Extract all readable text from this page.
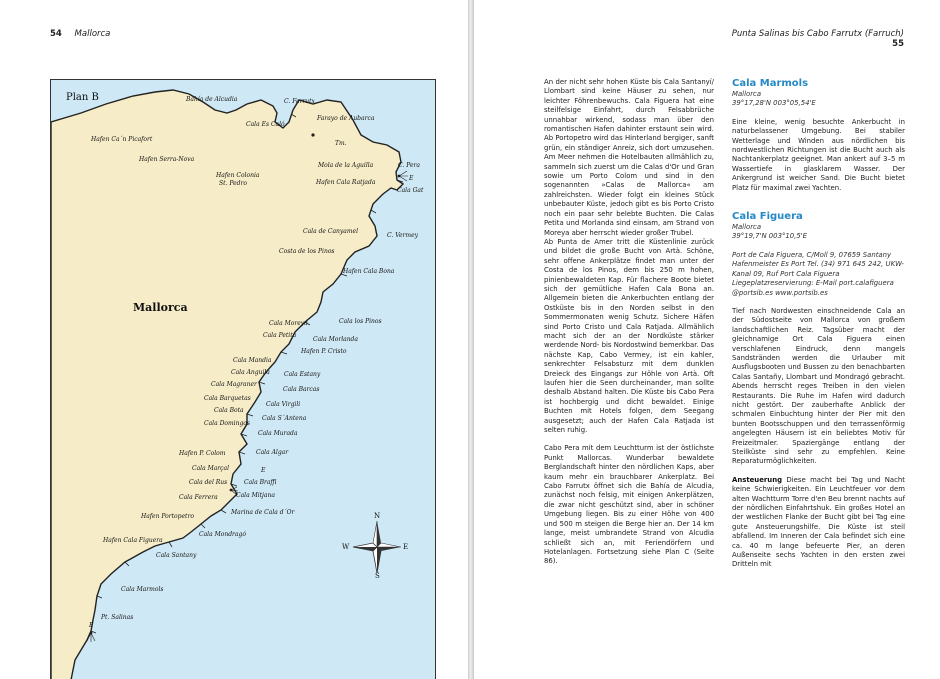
54 Mallorca
Plan B
Mallorca
N
S
W	E
Bahía de Alcudia	C. Farrutx
Farayo de Aubarca
Cala Es Caló
Hafen Ca´n Picafort
Hafen Serra-Nova
Tm.
Mola de la Aguilla	C. Pera
Hafen Colonia
St. Pedro	Hafen Cala Ratjada
E
Cala Gat
Cala de Canyamel
C. Vermey
Costa de los Pinos
Hafen Cala Bona
Cala Moreya	Cala los Pinos
Cala Petita
Cala Morlanda
Hafen P. Cristo
Cala Mandia
Cala Anguila Cala Estany
Cala Magraner
Cala Barcas
Cala Barquetas
Cala Virgili
Cala Bota
Cala S´Antena
Cala Domingos
Cala Murada
Hafen P. Colom	Cala Algar
Cala Marçal	E
Cala del Rus	Cala Braffi
Cala Ferrera	Cala Mitjana
Hafen Portopetro
Marina de Cala d´Or
Cala Mondragó
Hafen Cala Figuera
Cala Santany
Cala Marmols
Pt. Salinas
E
Punta Salinas bis Cabo Farrutx (Farruch) 55

An der nicht sehr hohen Küste bis Cala Santanyí/ Llombart sind keine Häuser zu sehen, nur leichter Föhrenbewuchs. Cala Figuera hat eine steilfelsige Einfahrt, durch Felsabbrüche unnahbar wirkend, sodass man über den romantischen Hafen dahinter erstaunt sein wird. Ab Portopetro wird das Hinterland bergiger, sanft grün, ein ständiger Anreiz, sich dort umzusehen. Am Meer nehmen die Hotelbauten allmählich zu, sammeln sich zuerst um die Calas d'Or und Gran sowie um Porto Colom und sind in den sogenannten »Calas de Mallorca« am zahlreichsten. Wieder folgt ein kleines Stück unbebauter Küste, jedoch gibt es bis Porto Cristo noch ein paar sehr belebte Buchten. Die Calas Petita und Morlanda sind einsam, am Strand von Moreya aber herrscht wieder großer Trubel.

Ab Punta de Amer tritt die Küstenlinie zurück und bildet die große Bucht von Artà. Schöne, sehr offene Ankerplätze findet man unter der Costa de los Pinos, dem bis 250 m hohen, pinienbewaldeten Kap. Für flachere Boote bietet sich der gemütliche Hafen Cala Bona an. Allgemein bieten die Ankerbuchten entlang der Ostküste bis in den Norden selbst in den Sommermonaten wenig Schutz. Sichere Häfen sind Porto Cristo und Cala Ratjada. Allmählich macht sich der an der Nordküste stärker werdende Nord- bis Nordostwind bemerkbar. Das nächste Kap, Cabo Vermey, ist ein kahler, senkrechter Felsabsturz mit dem dunklen Dreieck des Eingangs zur Höhle von Artà. Oft laufen hier die Seen durcheinander, man sollte deshalb Abstand halten. Die Küste bis Cabo Pera ist hochbergig und dicht bewaldet. Einige Buchten mit Hotels folgen, dem Seegang ausgesetzt; auch der Hafen Cala Ratjada ist selten ruhig.

Cabo Pera mit dem Leuchtturm ist der östlichste Punkt Mallorcas. Wunderbar bewaldete Berglandschaft hinter den nördlichen Kaps, aber kaum mehr ein brauchbarer Ankerplatz. Bei Cabo Farrutx öffnet sich die Bahía de Alcudia, zunächst noch felsig, mit einigen Ankerplätzen, die zwar nicht geschützt sind, aber in schöner Umgebung liegen. Bis zu einer Höhe von 400 und 500 m steigen die Berge hier an. Der 14 km lange, meist umbrandete Strand von Alcudia schließt sich an, mit Feriendörfern und Hotelanlagen. Fortsetzung siehe Plan C (Seite 86).

Cala Marmols

Mallorca

39°17,28'N 003°05,54'E

Eine kleine, wenig besuchte Ankerbucht in naturbelassener Umgebung. Bei stabiler Wetterlage und Winden aus nördlichen bis nordwestlichen Richtungen ist die Bucht auch als Nachtankerplatz geeignet. Man ankert auf 3–5 m Wassertiefe in glasklarem Wasser. Der Ankergrund ist weicher Sand. Die Bucht bietet Platz für maximal zwei Yachten.

Cala Figuera

Mallorca

39°19,7'N 003°10,5'E

Port de Cala Figuera, C/Moll 9, 07659 Santany Hafenmeister Es Port Tel. (34) 971 645 242, UKW-Kanal 09, Ruf Port Cala Figuera Liegeplatzreservierung: E-Mail port.calafiguera @portsib.es www.portsib.es

Tief nach Nordwesten einschneidende Cala an der Südostseite von Mallorca von großem landschaftlichen Reiz. Tagsüber macht der gleichnamige Ort Cala Figuera einen verschlafenen Eindruck, denn mangels Sandstränden werden die Urlauber mit Ausflugsbooten und Bussen zu den benachbarten Calas Santañy, Llombart und Mondragó gebracht. Abends herrscht reges Treiben in den vielen Restaurants. Die Ruhe im Hafen wird dadurch nicht gestört. Der zauberhafte Anblick der schmalen Einbuchtung hinter der Pier mit den bunten Bootsschuppen und den terrassenförmig angelegten Häusern ist ein beliebtes Motiv für Freizeitmaler. Spaziergänge entlang der Steilküste sind sehr zu empfehlen. Keine Reparaturmöglichkeiten.

Ansteuerung Diese macht bei Tag und Nacht keine Schwierigkeiten. Ein Leuchtfeuer vor dem alten Wachtturm Torre d'en Beu brennt nachts auf der nördlichen Einfahrtshuk. Ein großes Hotel an der westlichen Flanke der Bucht gibt bei Tag eine gute Ansteuerungshilfe. Die Küste ist steil abfallend. Im Inneren der Cala befindet sich eine ca. 40 m lange befeuerte Pier, an deren Außenseite sechs Yachten in den ersten zwei Dritteln mit
